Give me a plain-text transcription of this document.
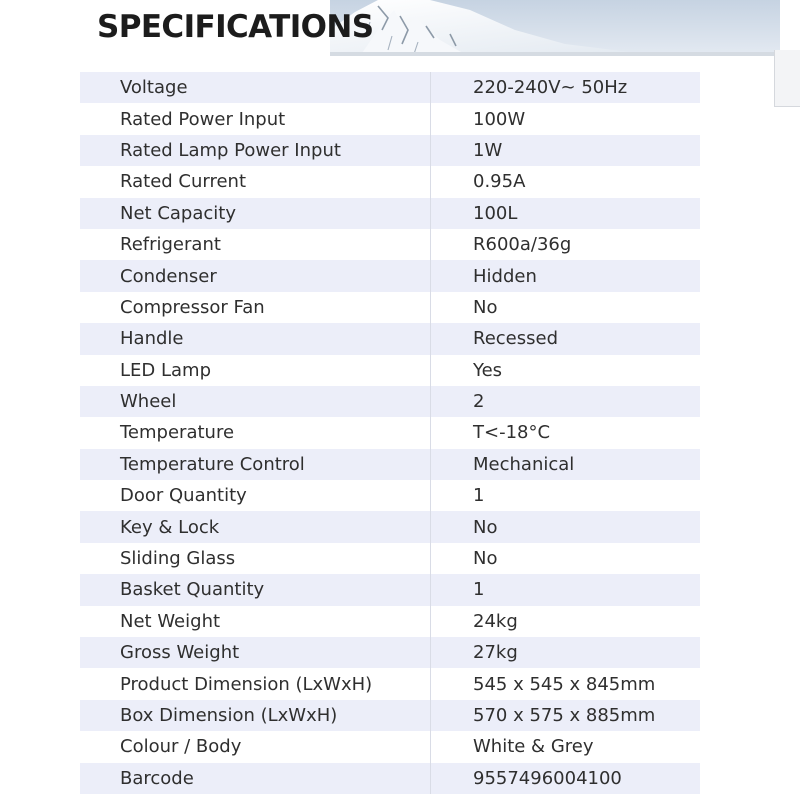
SPECIFICATIONS
Voltage	220-240V~ 50Hz
Rated Power Input	100W
Rated Lamp Power Input	1W
Rated Current	0.95A
Net Capacity	100L
Refrigerant	R600a/36g
Condenser	Hidden
Compressor Fan	No
Handle	Recessed
LED Lamp	Yes
Wheel	2
Temperature	T<-18°C
Temperature Control	Mechanical
Door Quantity	1
Key & Lock	No
Sliding Glass	No
Basket Quantity	1
Net Weight	24kg
Gross Weight	27kg
Product Dimension (LxWxH)	545 x 545 x 845mm
Box Dimension (LxWxH)	570 x 575 x 885mm
Colour / Body	White & Grey
Barcode	9557496004100
